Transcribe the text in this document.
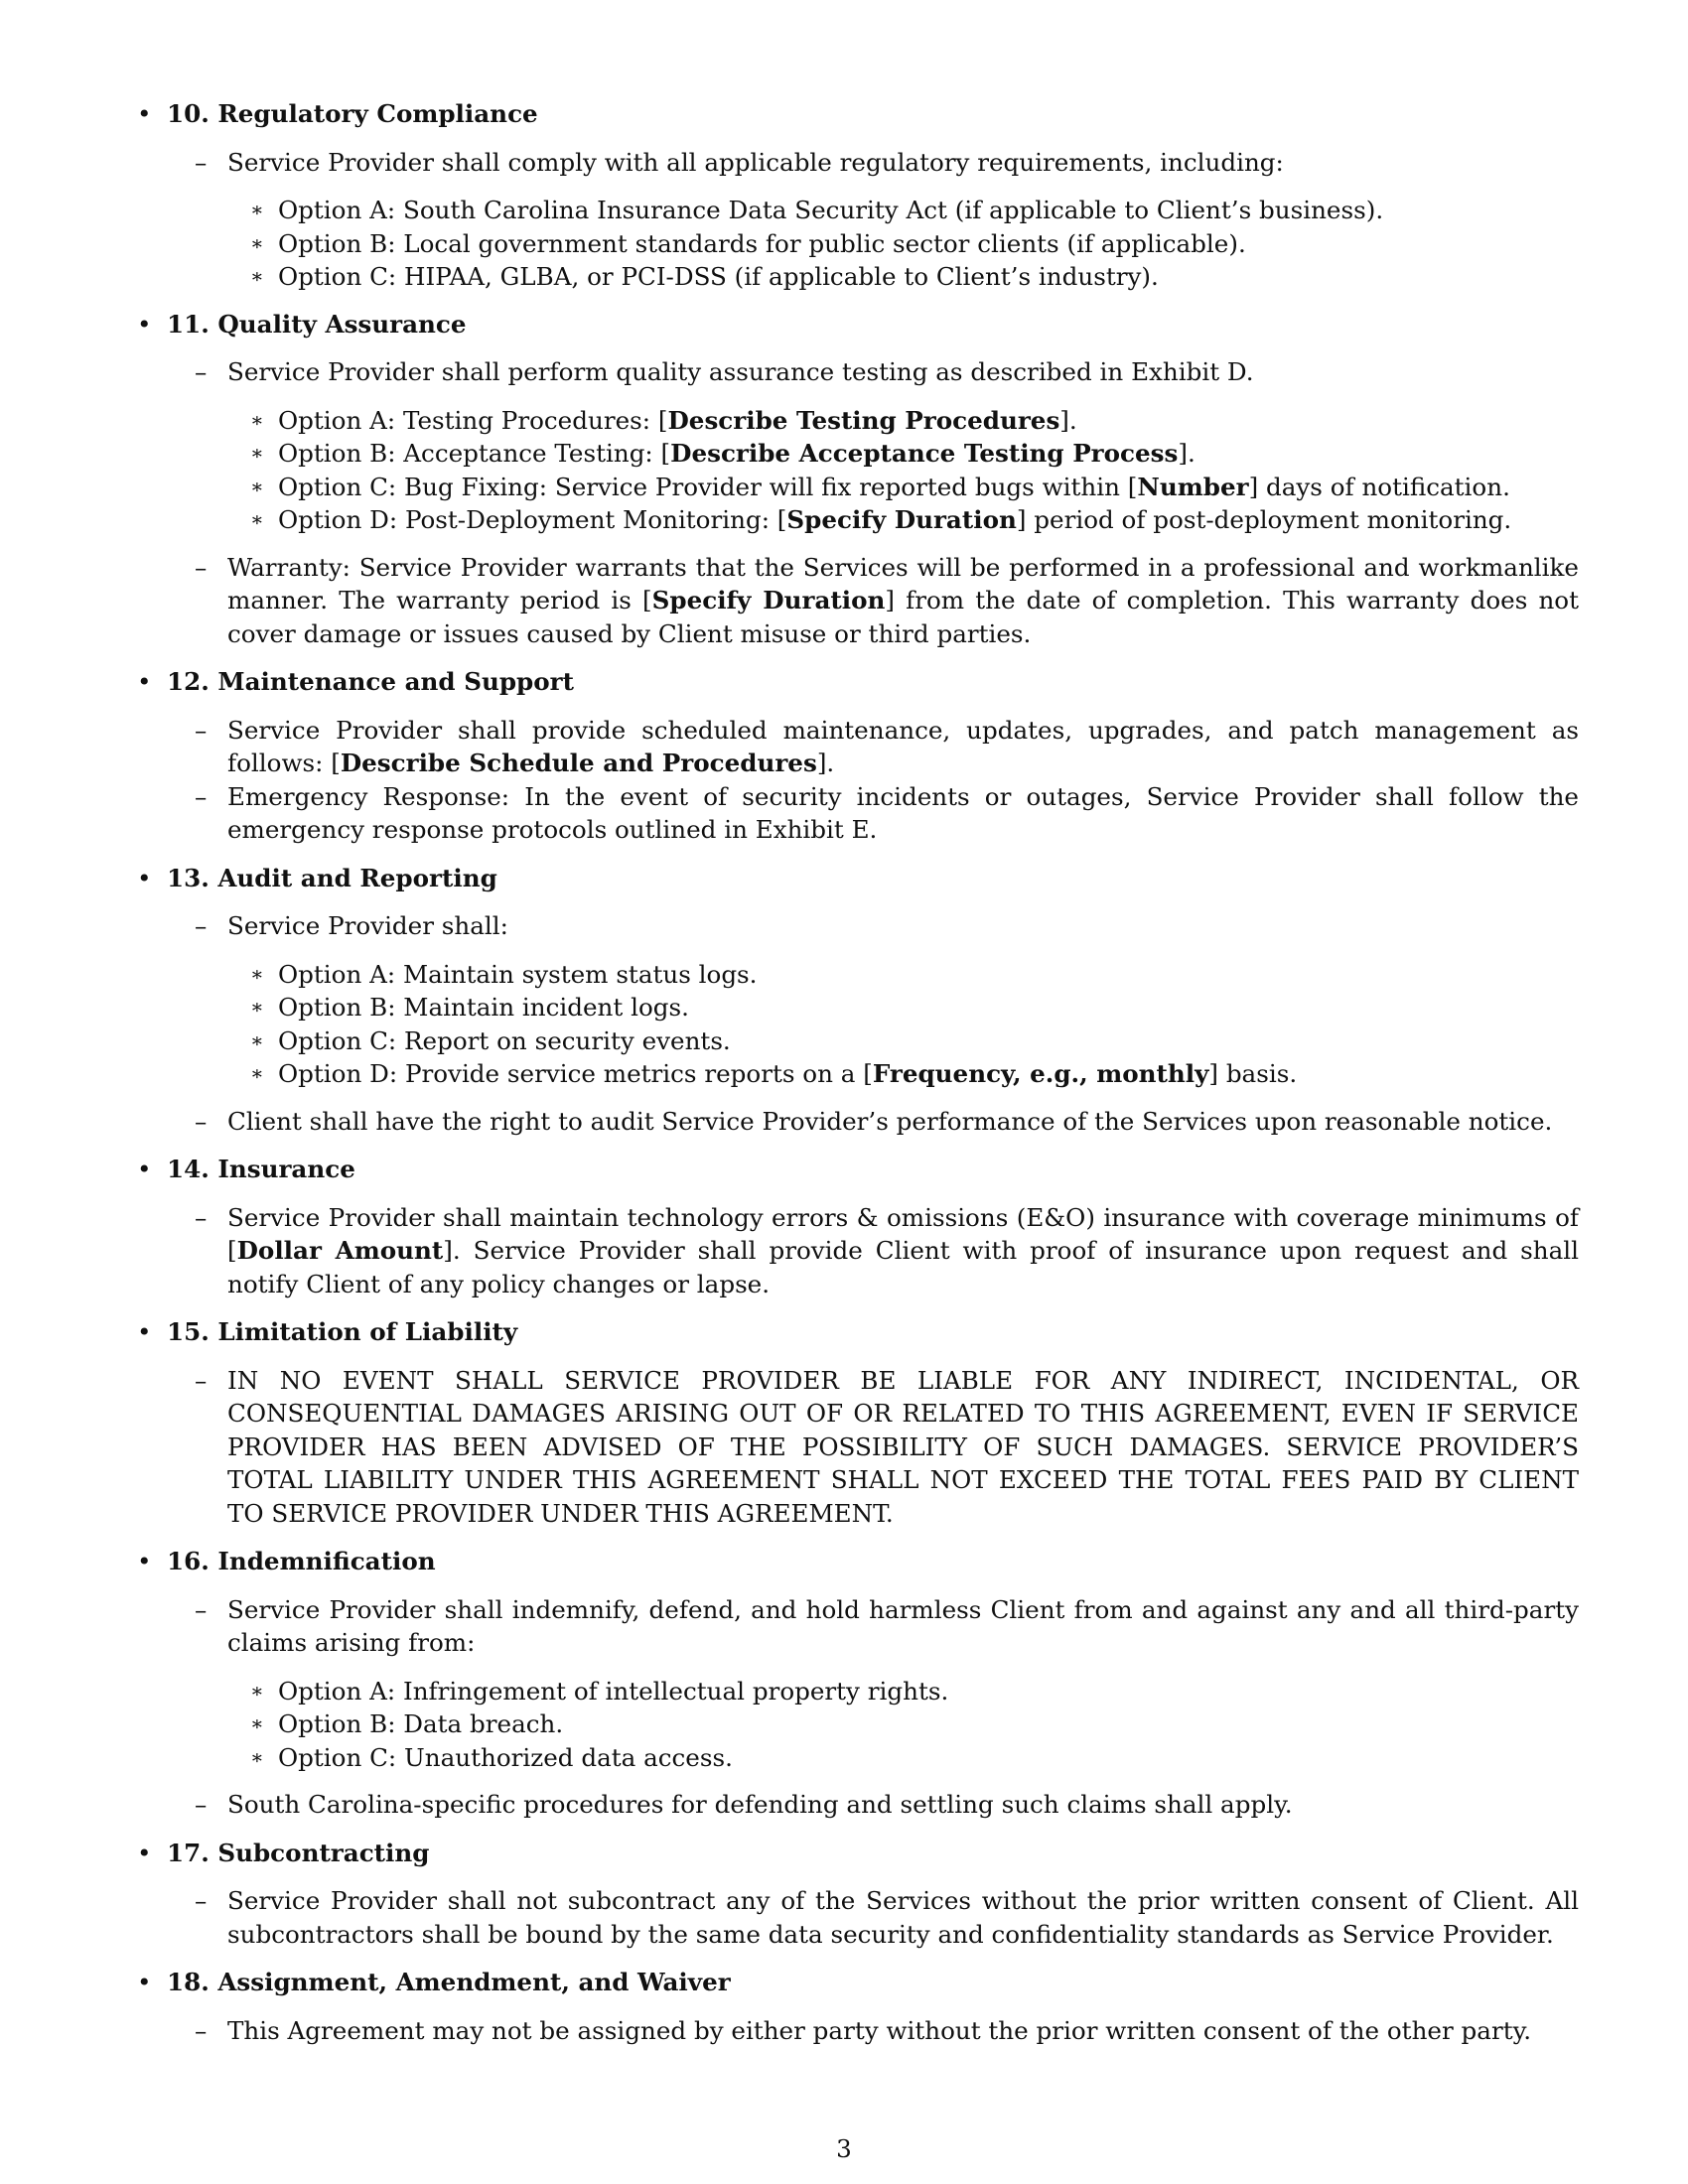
• 10. Regulatory Compliance
– Service Provider shall comply with all applicable regulatory requirements, including:
∗ Option A: South Carolina Insurance Data Security Act (if applicable to Client’s business).
∗ Option B: Local government standards for public sector clients (if applicable).
∗ Option C: HIPAA, GLBA, or PCI-DSS (if applicable to Client’s industry).
• 11. Quality Assurance
– Service Provider shall perform quality assurance testing as described in Exhibit D.
∗ Option A: Testing Procedures: [Describe Testing Procedures].
∗ Option B: Acceptance Testing: [Describe Acceptance Testing Process].
∗ Option C: Bug Fixing: Service Provider will fix reported bugs within [Number] days of notification.
∗ Option D: Post-Deployment Monitoring: [Specify Duration] period of post-deployment monitoring.
– Warranty: Service Provider warrants that the Services will be performed in a professional and workmanlike manner. The warranty period is [Specify Duration] from the date of completion. This warranty does not cover damage or issues caused by Client misuse or third parties.
• 12. Maintenance and Support
– Service Provider shall provide scheduled maintenance, updates, upgrades, and patch management as follows: [Describe Schedule and Procedures].
– Emergency Response: In the event of security incidents or outages, Service Provider shall follow the emergency response protocols outlined in Exhibit E.
• 13. Audit and Reporting
– Service Provider shall:
∗ Option A: Maintain system status logs.
∗ Option B: Maintain incident logs.
∗ Option C: Report on security events.
∗ Option D: Provide service metrics reports on a [Frequency, e.g., monthly] basis.
– Client shall have the right to audit Service Provider’s performance of the Services upon reasonable notice.
• 14. Insurance
– Service Provider shall maintain technology errors & omissions (E&O) insurance with coverage minimums of [Dollar Amount]. Service Provider shall provide Client with proof of insurance upon request and shall notify Client of any policy changes or lapse.
• 15. Limitation of Liability
– IN NO EVENT SHALL SERVICE PROVIDER BE LIABLE FOR ANY INDIRECT, INCIDENTAL, OR CONSEQUENTIAL DAMAGES ARISING OUT OF OR RELATED TO THIS AGREEMENT, EVEN IF SERVICE PROVIDER HAS BEEN ADVISED OF THE POSSIBILITY OF SUCH DAMAGES. SERVICE PROVIDER’S TOTAL LIABILITY UNDER THIS AGREEMENT SHALL NOT EXCEED THE TOTAL FEES PAID BY CLIENT TO SERVICE PROVIDER UNDER THIS AGREEMENT.
• 16. Indemnification
– Service Provider shall indemnify, defend, and hold harmless Client from and against any and all third-party claims arising from:
∗ Option A: Infringement of intellectual property rights.
∗ Option B: Data breach.
∗ Option C: Unauthorized data access.
– South Carolina-specific procedures for defending and settling such claims shall apply.
• 17. Subcontracting
– Service Provider shall not subcontract any of the Services without the prior written consent of Client. All subcontractors shall be bound by the same data security and confidentiality standards as Service Provider.
• 18. Assignment, Amendment, and Waiver
– This Agreement may not be assigned by either party without the prior written consent of the other party.
3
